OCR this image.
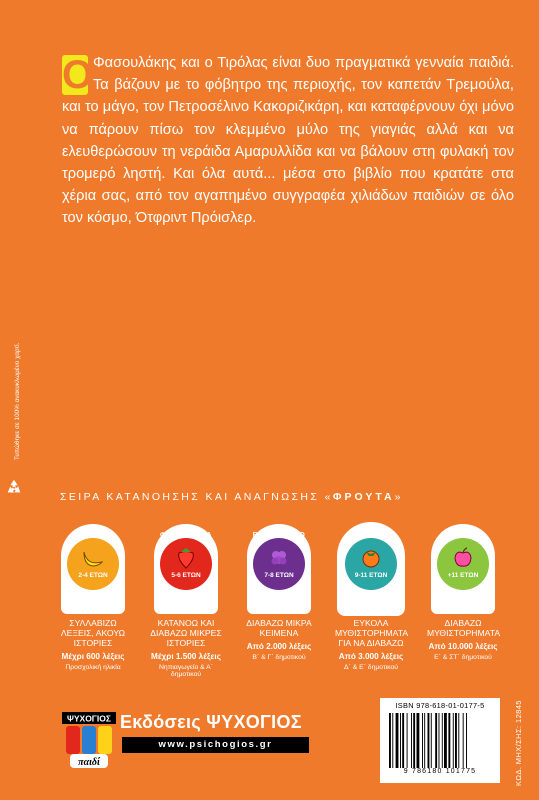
Ο Φασουλάκης και ο Τιρόλας είναι δυο πραγματικά γενναία παιδιά. Τα βάζουν με το φόβητρο της περιοχής, τον καπετάν Τρεμούλα, και το μάγο, τον Πετροσέλινο Κακοριζικάρη, και καταφέρνουν όχι μόνο να πάρουν πίσω τον κλεμμένο μύλο της γιαγιάς αλλά και να ελευθερώσουν τη νεράιδα Αμαρυλλίδα και να βάλουν στη φυλακή τον τρομερό ληστή. Και όλα αυτά... μέσα στο βιβλίο που κρατάτε στα χέρια σας, από τον αγαπημένο συγγραφέα χιλιάδων παιδιών σε όλο τον κόσμο, Ότφριντ Πρόισλερ.
Τυπώθηκε σε 100% ανακυκλωμένο χαρτί.
ΣΕΙΡΑ ΚΑΤΑΝΟΗΣΗΣ ΚΑΙ ΑΝΑΓΝΩΣΗΣ «ΦΡΟΥΤΑ»
ΜΠΑΝΑΝΑ
2-4 ΕΤΩΝ
ΣΥΛΛΑΒΙΖΩ ΛΕΞΕΙΣ, ΑΚΟΥΩ ΙΣΤΟΡΙΕΣ
Μέχρι 600 λέξεις
Προσχολική ηλικία
ΦΡΑΟΥΛΙΤΣΑ
5-6 ΕΤΩΝ
ΚΑΤΑΝΟΩ ΚΑΙ ΔΙΑΒΑΖΩ ΜΙΚΡΕΣ ΙΣΤΟΡΙΕΣ
Μέχρι 1.500 λέξεις
Νηπιαγωγείο & Α΄ δημοτικού
ΒΑΤΟΜΟΥΡΟ
7-8 ΕΤΩΝ
ΔΙΑΒΑΖΩ ΜΙΚΡΑ ΚΕΙΜΕΝΑ
Από 2.000 λέξεις
Β΄ & Γ΄ δημοτικού
ΛΩΤΟΣ
9-11 ΕΤΩΝ
ΕΥΚΟΛΑ ΜΥΘΙΣΤΟΡΗΜΑΤΑ ΓΙΑ ΝΑ ΔΙΑΒΑΖΩ
Από 3.000 λέξεις
Δ΄ & Ε΄ δημοτικού
ΞΙΝΟΜΗΛΟ
+11 ΕΤΩΝ
ΔΙΑΒΑΖΩ ΜΥΘΙΣΤΟΡΗΜΑΤΑ
Από 10.000 λέξεις
Ε΄ & ΣΤ΄ δημοτικού
ΨΥΧΟΓΙΟΣ
παιδί
Εκδόσεις ΨΥΧΟΓΙΟΣ
www.psichogios.gr
ISBN 978-618-01-0177-5
9 786180 101775	ΚΩΔ. ΜΗΧ/ΣΗΣ: 12845
